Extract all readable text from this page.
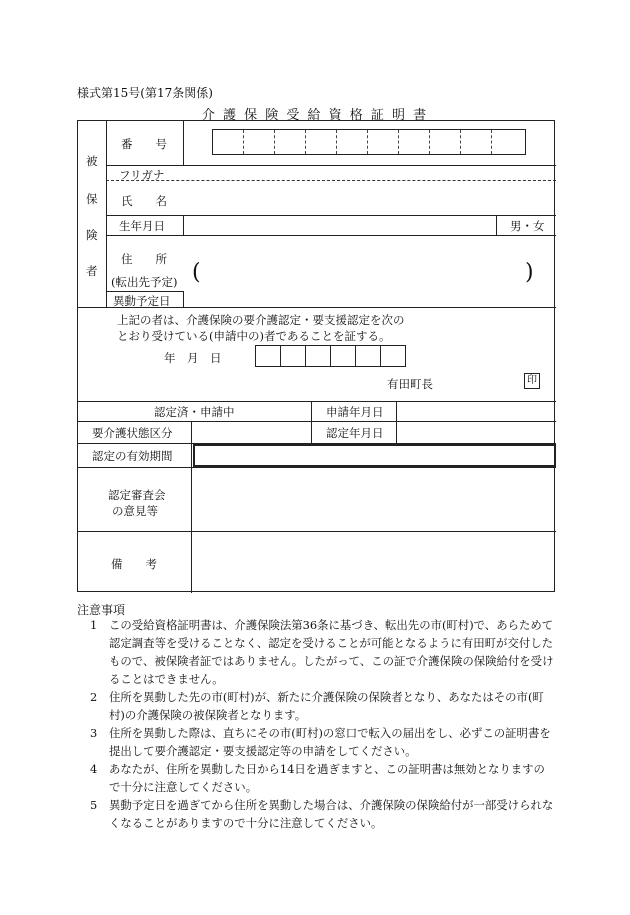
様式第15号(第17条関係)
介 護 保 険 受 給 資 格 証 明 書
被
保
険
者
番　　号
フリガナ
氏　　名
生年月日	男・女
住　　所
(転出先予定)
異動予定日
(	)
上記の者は、介護保険の要介護認定・要支援認定を次の
とおり受けている(申請中の)者であることを証する。
年　月　日
有田町長	印
認定済・申請中	申請年月日
要介護状態区分	認定年月日
認定の有効期間
認定審査会
の意見等
備　　考
注意事項
1	この受給資格証明書は、介護保険法第36条に基づき、転出先の市(町村)で、あらためて認定調査等を受けることなく、認定を受けることが可能となるように有田町が交付したもので、被保険者証ではありません。したがって、この証で介護保険の保険給付を受けることはできません。
2	住所を異動した先の市(町村)が、新たに介護保険の保険者となり、あなたはその市(町村)の介護保険の被保険者となります。
3	住所を異動した際は、直ちにその市(町村)の窓口で転入の届出をし、必ずこの証明書を提出して要介護認定・要支援認定等の申請をしてください。
4	あなたが、住所を異動した日から14日を過ぎますと、この証明書は無効となりますので十分に注意してください。
5	異動予定日を過ぎてから住所を異動した場合は、介護保険の保険給付が一部受けられなくなることがありますので十分に注意してください。
